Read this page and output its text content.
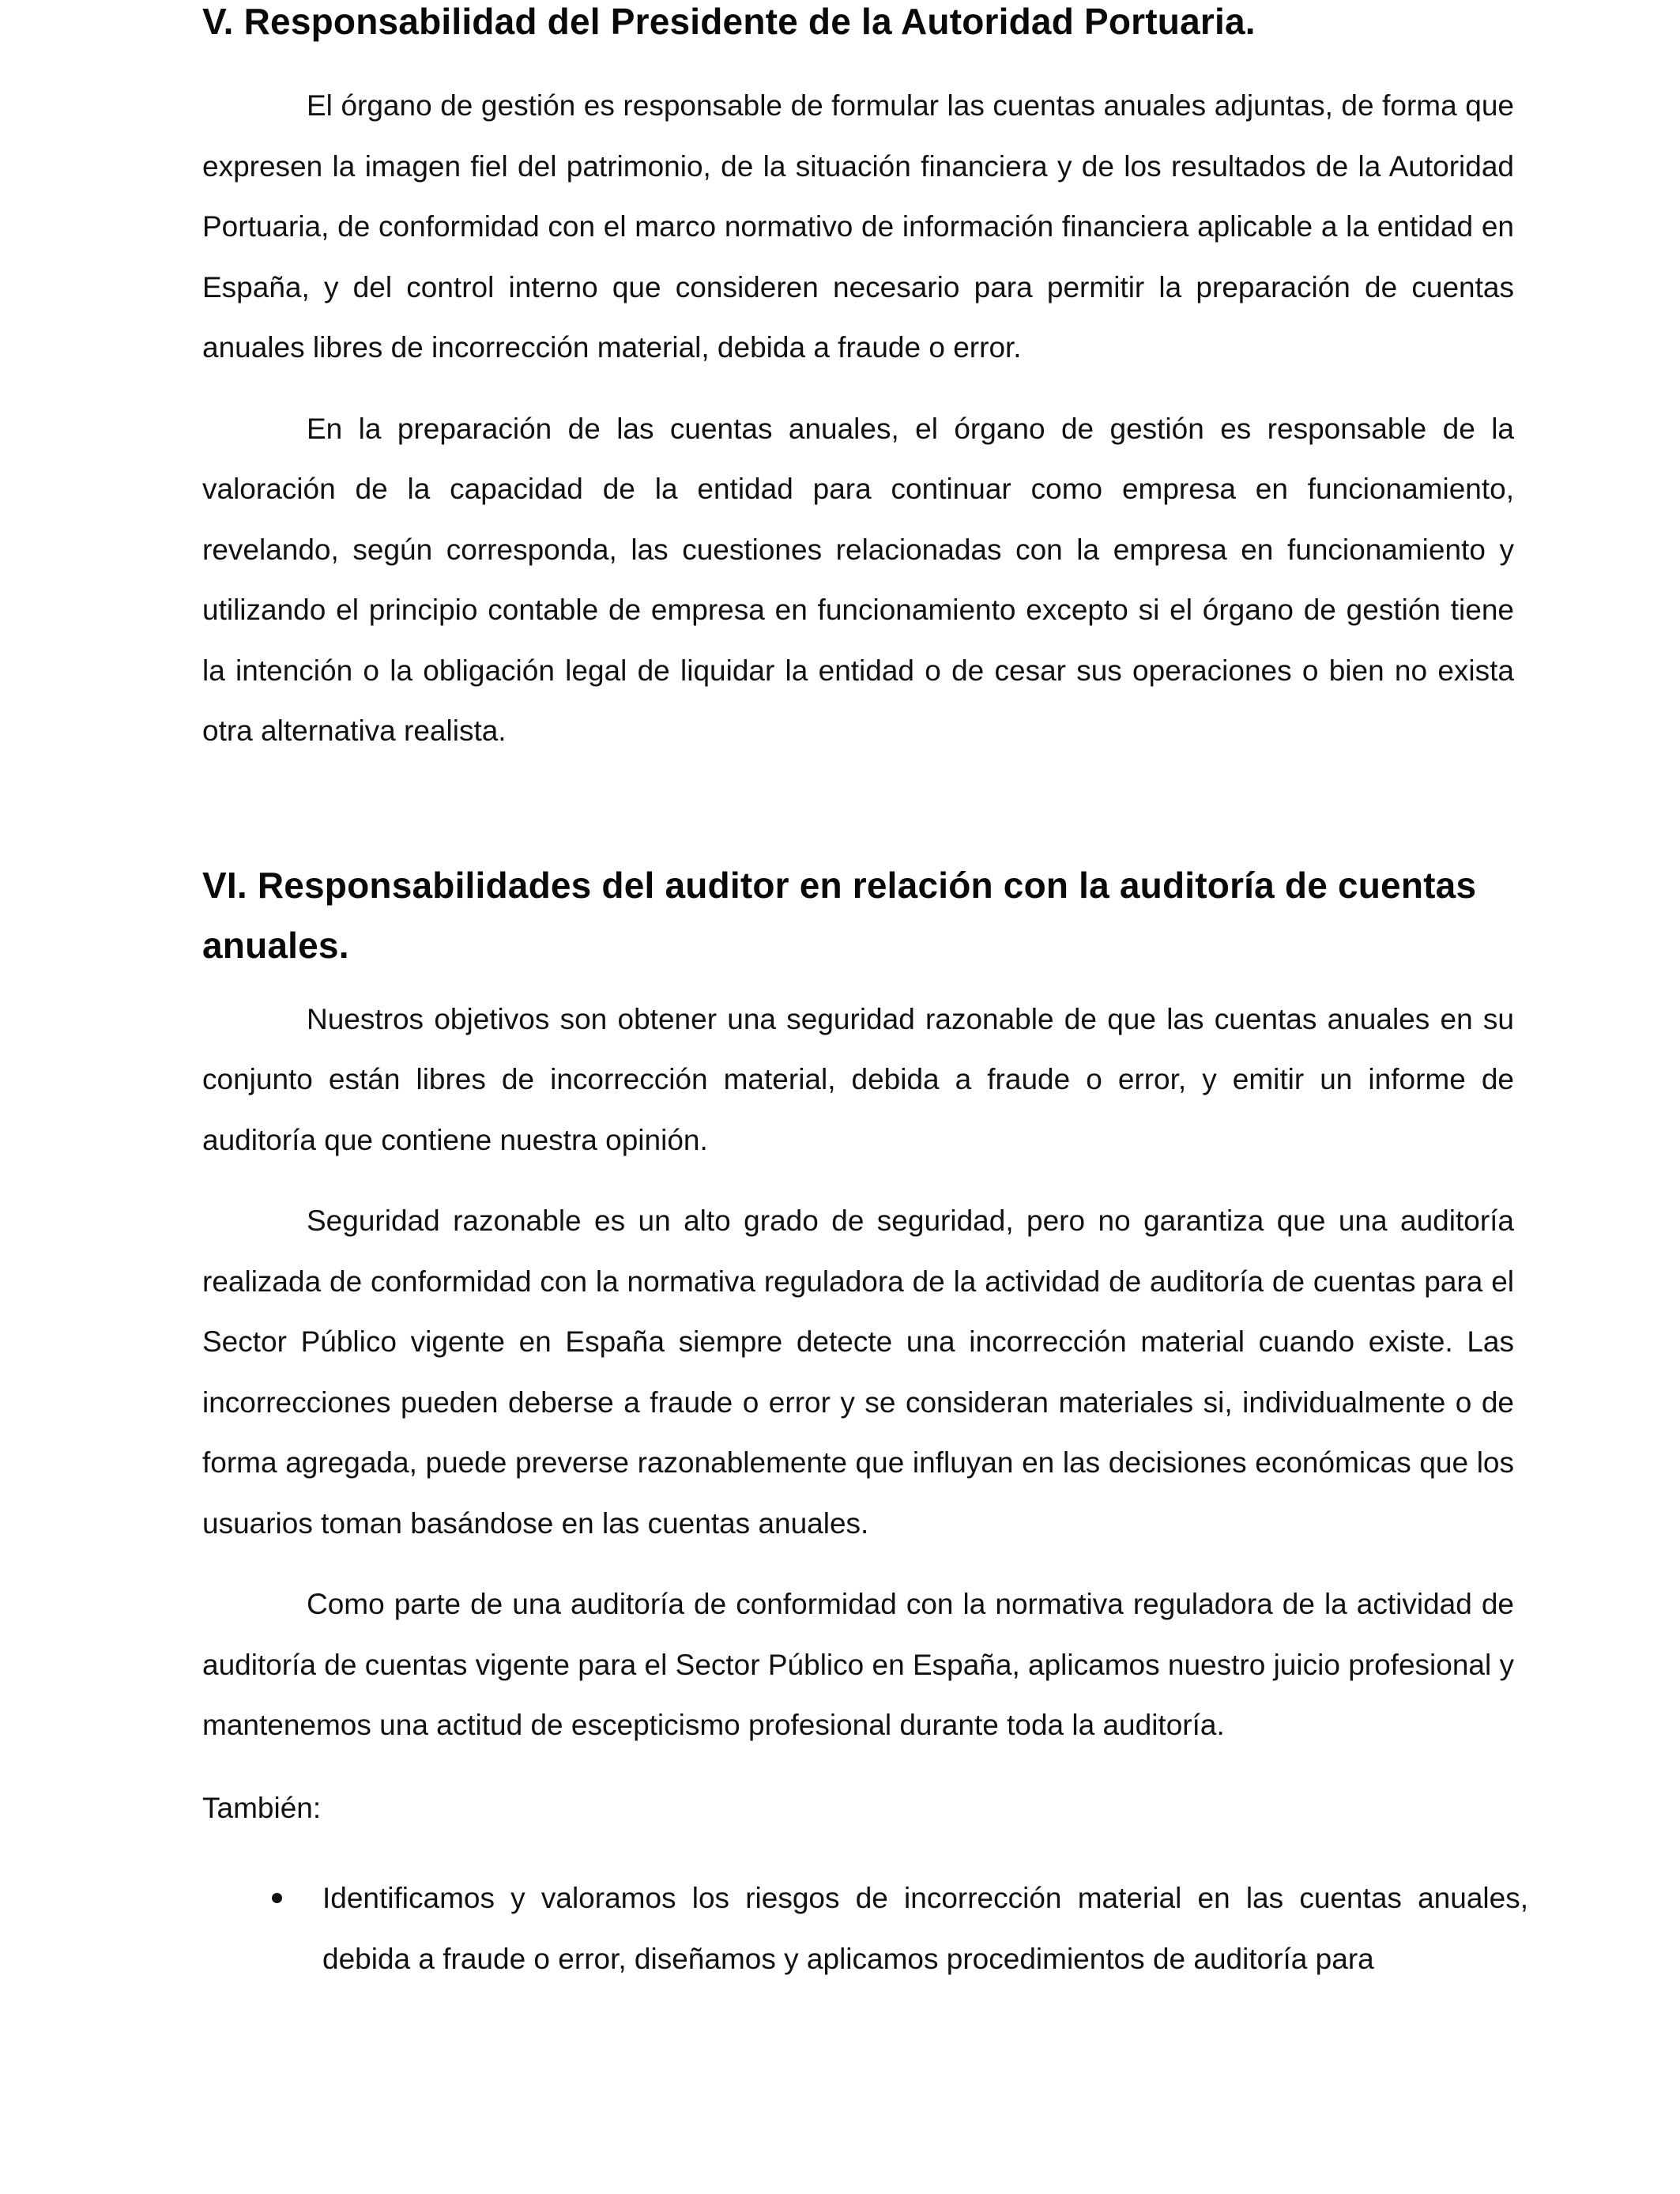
V. Responsabilidad del Presidente de la Autoridad Portuaria.

El órgano de gestión es responsable de formular las cuentas anuales adjuntas, de forma que expresen la imagen fiel del patrimonio, de la situación financiera y de los resultados de la Autoridad Portuaria, de conformidad con el marco normativo de información financiera aplicable a la entidad en España, y del control interno que consideren necesario para permitir la preparación de cuentas anuales libres de incorrección material, debida a fraude o error.

En la preparación de las cuentas anuales, el órgano de gestión es responsable de la valoración de la capacidad de la entidad para continuar como empresa en funcionamiento, revelando, según corresponda, las cuestiones relacionadas con la empresa en funcionamiento y utilizando el principio contable de empresa en funcionamiento excepto si el órgano de gestión tiene la intención o la obligación legal de liquidar la entidad o de cesar sus operaciones o bien no exista otra alternativa realista.

VI. Responsabilidades del auditor en relación con la auditoría de cuentas anuales.

Nuestros objetivos son obtener una seguridad razonable de que las cuentas anuales en su conjunto están libres de incorrección material, debida a fraude o error, y emitir un informe de auditoría que contiene nuestra opinión.

Seguridad razonable es un alto grado de seguridad, pero no garantiza que una auditoría realizada de conformidad con la normativa reguladora de la actividad de auditoría de cuentas para el Sector Público vigente en España siempre detecte una incorrección material cuando existe. Las incorrecciones pueden deberse a fraude o error y se consideran materiales si, individualmente o de forma agregada, puede preverse razonablemente que influyan en las decisiones económicas que los usuarios toman basándose en las cuentas anuales.

Como parte de una auditoría de conformidad con la normativa reguladora de la actividad de auditoría de cuentas vigente para el Sector Público en España, aplicamos nuestro juicio profesional y mantenemos una actitud de escepticismo profesional durante toda la auditoría.

También:

Identificamos y valoramos los riesgos de incorrección material en las cuentas anuales, debida a fraude o error, diseñamos y aplicamos procedimientos de auditoría para
